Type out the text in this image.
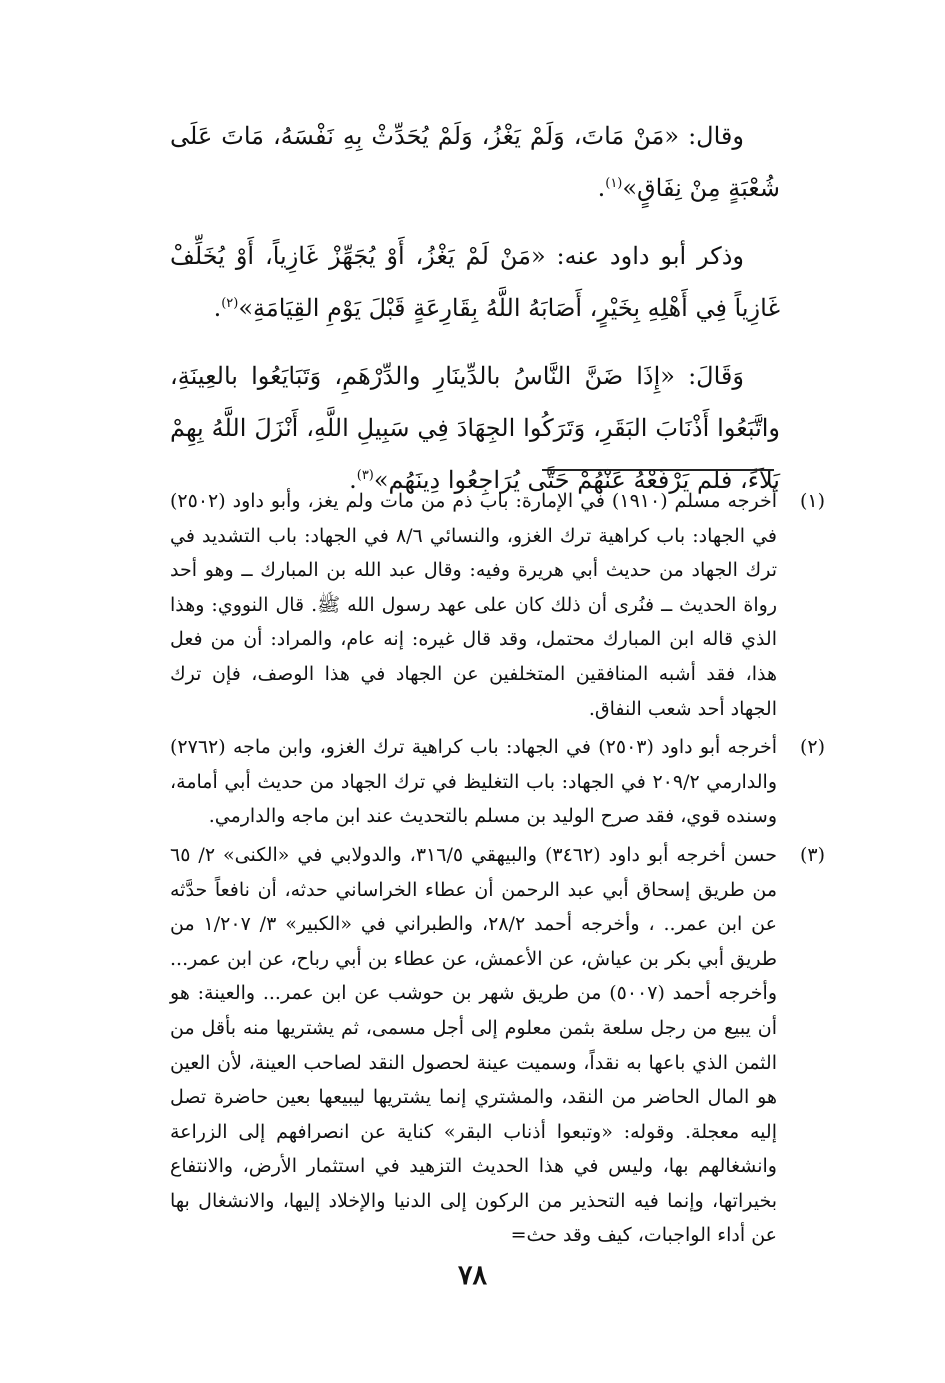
وقال: «مَنْ مَاتَ، وَلَمْ يَغْزُ، وَلَمْ يُحَدِّثْ بِهِ نَفْسَهُ، مَاتَ عَلَى شُعْبَةٍ مِنْ نِفَاقٍ»$^{(١)}$.

وذكر أبو داود عنه: «مَنْ لَمْ يَغْزُ، أَوْ يُجَهِّزْ غَازِياً، أَوْ يُخَلِّفْ غَازِياً فِي أَهْلِهِ بِخَيْرٍ، أَصَابَهُ اللَّهُ بِقَارِعَةٍ قَبْلَ يَوْمِ القِيَامَةِ»$^{(٢)}$.

وَقَالَ: «إِذَا ضَنَّ النَّاسُ بالدِّينَارِ والدِّرْهَمِ، وَتَبَايَعُوا بالعِينَةِ، واتَّبَعُوا أَذْنَابَ البَقَرِ، وَتَرَكُوا الجِهَادَ فِي سَبِيلِ اللَّهِ، أَنْزَلَ اللَّهُ بِهِمْ بَلاَءً، فلم يَرْفَعْهُ عَنْهُمْ حَتَّى يُرَاجِعُوا دِينَهُم»$^{(٣)}$.

(١)
أخرجه مسلم (١٩١٠) في الإمارة: باب ذم من مات ولم يغز، وأبو داود (٢٥٠٢) في الجهاد: باب كراهية ترك الغزو، والنسائي ٨/٦ في الجهاد: باب التشديد في ترك الجهاد من حديث أبي هريرة وفيه: وقال عبد الله بن المبارك ــ وهو أحد رواة الحديث ــ فنُرى أن ذلك كان على عهد رسول الله ﷺ. قال النووي: وهذا الذي قاله ابن المبارك محتمل، وقد قال غيره: إنه عام، والمراد: أن من فعل هذا، فقد أشبه المنافقين المتخلفين عن الجهاد في هذا الوصف، فإن ترك الجهاد أحد شعب النفاق.
(٢)
أخرجه أبو داود (٢٥٠٣) في الجهاد: باب كراهية ترك الغزو، وابن ماجه (٢٧٦٢) والدارمي ٢٠٩/٢ في الجهاد: باب التغليظ في ترك الجهاد من حديث أبي أمامة، وسنده قوي، فقد صرح الوليد بن مسلم بالتحديث عند ابن ماجه والدارمي.
(٣)
حسن أخرجه أبو داود (٣٤٦٢) والبيهقي ٣١٦/٥، والدولابي في «الكنى» ٢/ ٦٥ من طريق إسحاق أبي عبد الرحمن أن عطاء الخراساني حدثه، أن نافعاً حدَّثه عن ابن عمر.. ، وأخرجه أحمد ٢٨/٢، والطبراني في «الكبير» ٣/ ١/٢٠٧ من طريق أبي بكر بن عياش، عن الأعمش، عن عطاء بن أبي رباح، عن ابن عمر... وأخرجه أحمد (٥٠٠٧) من طريق شهر بن حوشب عن ابن عمر... والعينة: هو أن يبيع من رجل سلعة بثمن معلوم إلى أجل مسمى، ثم يشتريها منه بأقل من الثمن الذي باعها به نقداً، وسميت عينة لحصول النقد لصاحب العينة، لأن العين هو المال الحاضر من النقد، والمشتري إنما يشتريها ليبيعها بعين حاضرة تصل إليه معجلة. وقوله: «وتبعوا أذناب البقر» كناية عن انصرافهم إلى الزراعة وانشغالهم بها، وليس في هذا الحديث التزهيد في استثمار الأرض، والانتفاع بخيراتها، وإنما فيه التحذير من الركون إلى الدنيا والإخلاد إليها، والانشغال بها عن أداء الواجبات، كيف وقد حث=
٧٨
